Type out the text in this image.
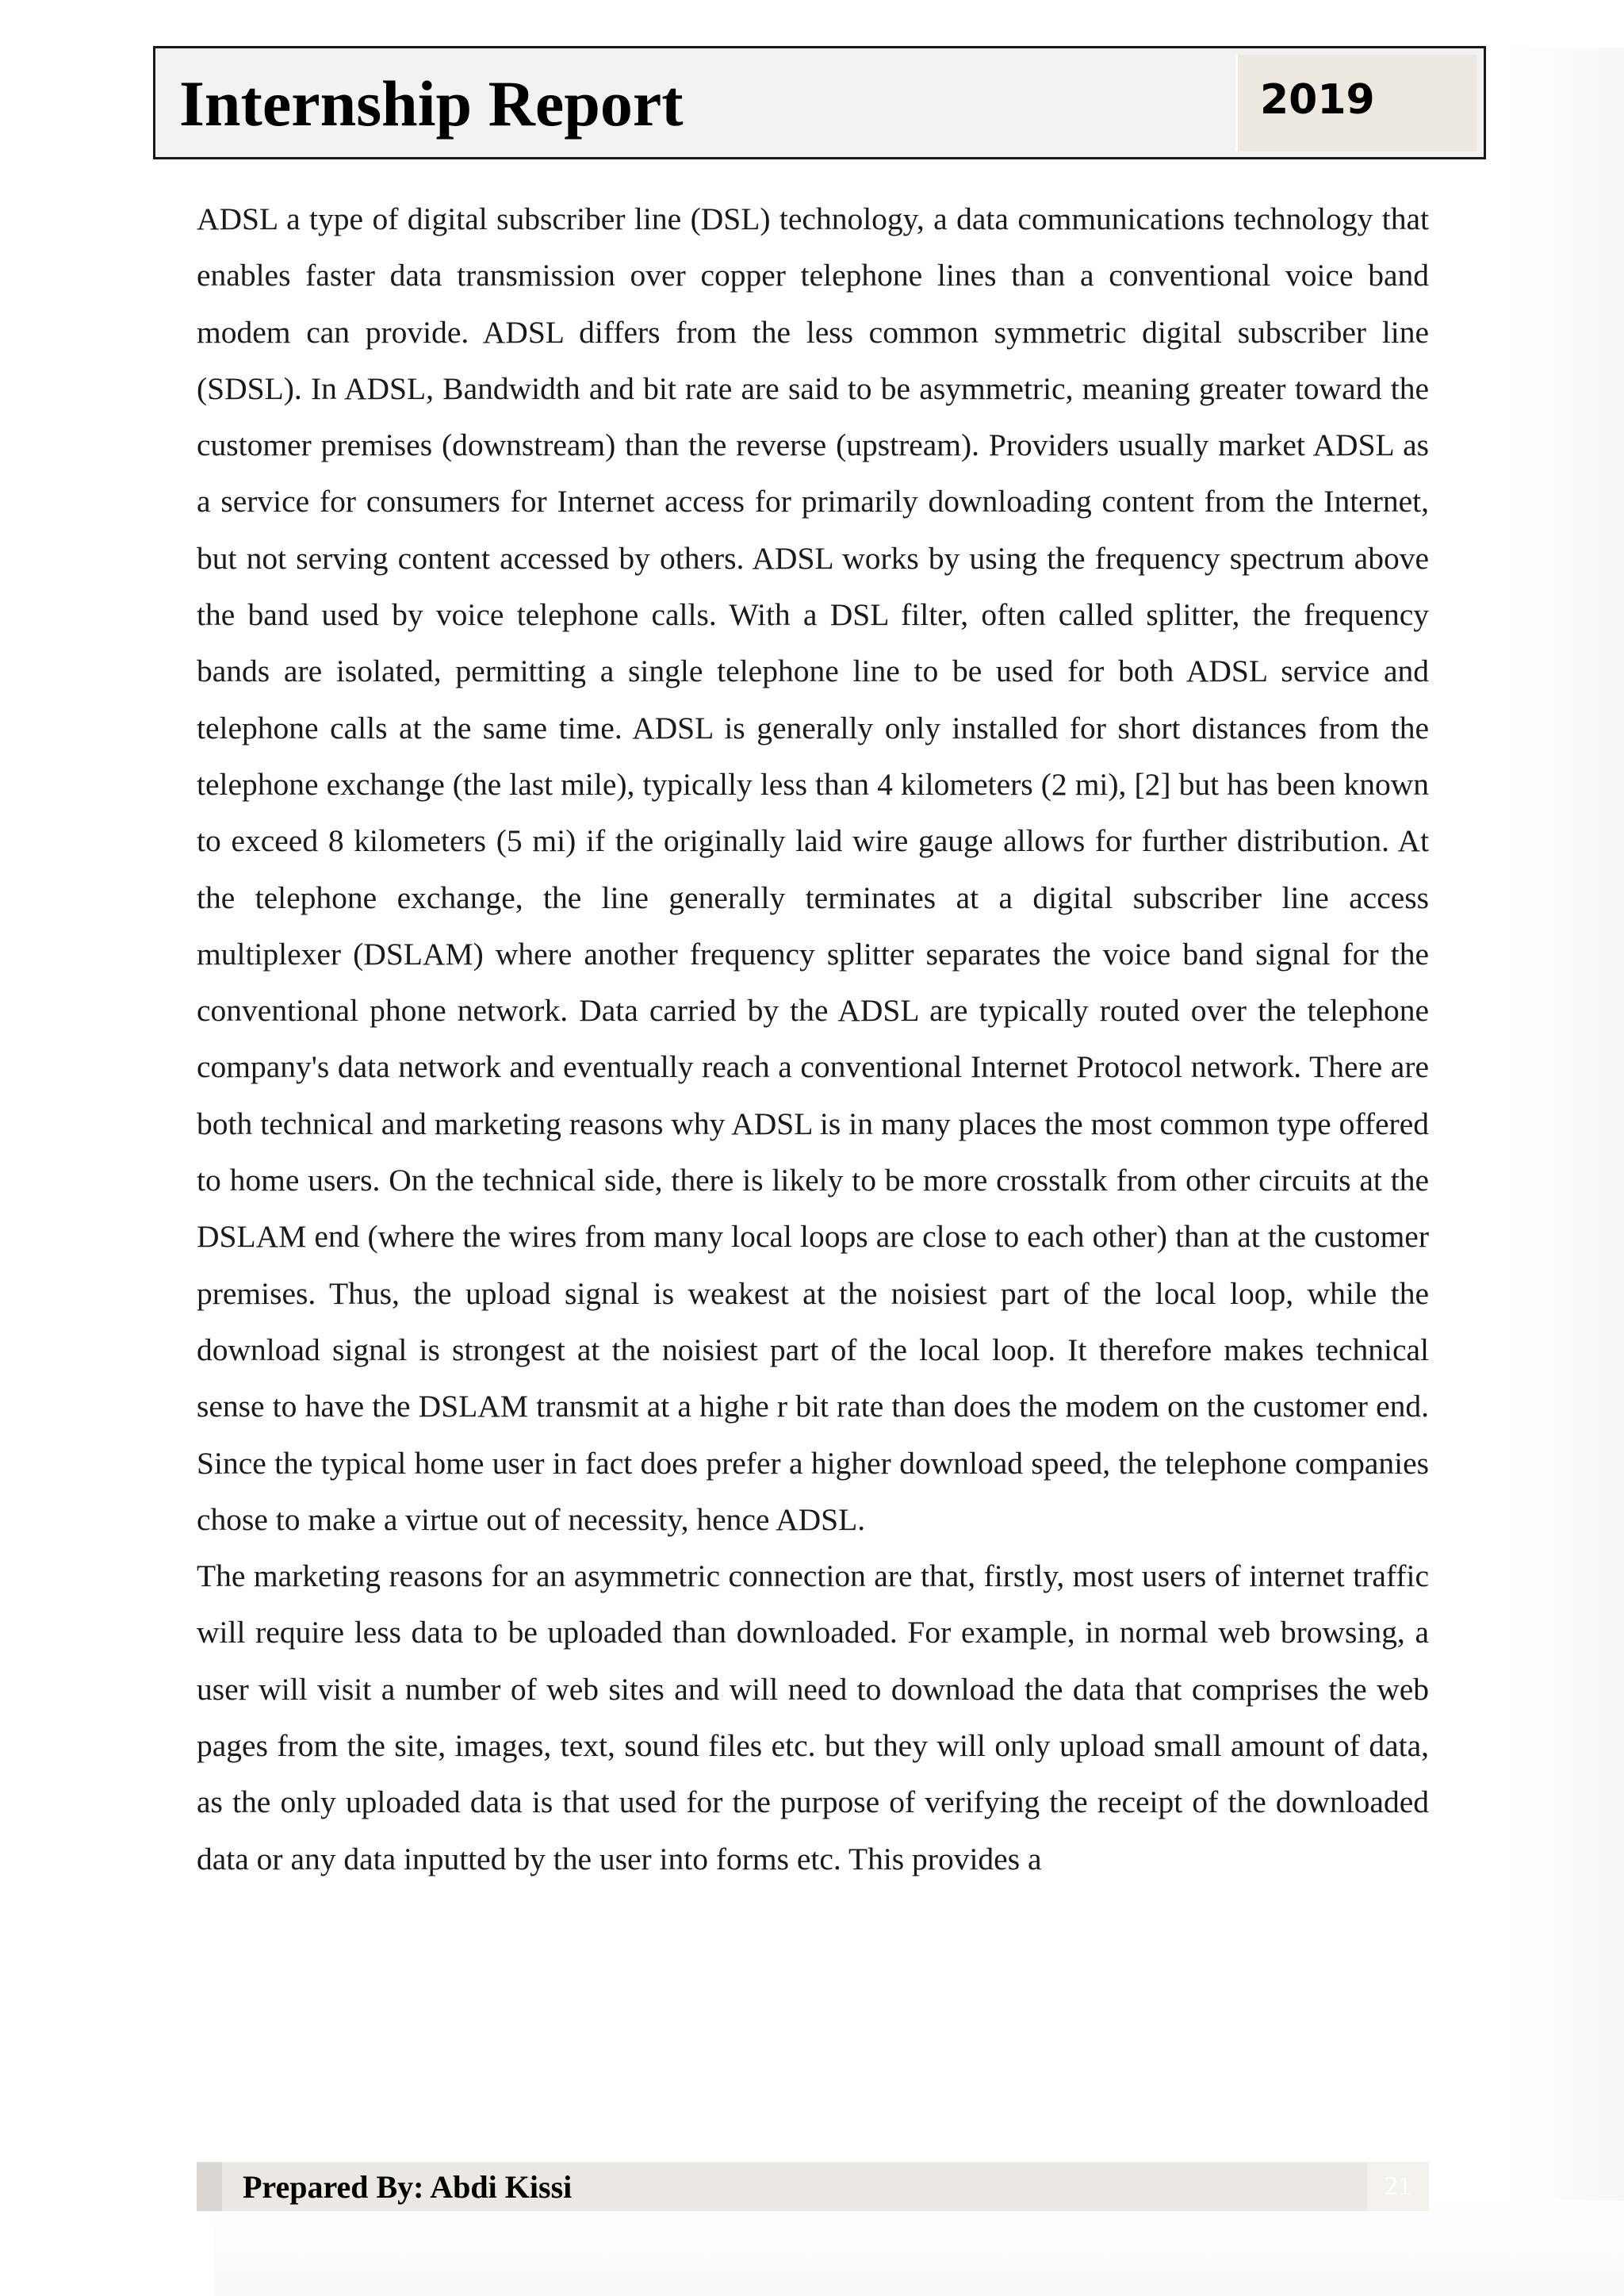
Internship Report	2019

ADSL a type of digital subscriber line (DSL) technology, a data communications technology that enables faster data transmission over copper telephone lines than a conventional voice band modem can provide. ADSL differs from the less common symmetric digital subscriber line (SDSL). In ADSL, Bandwidth and bit rate are said to be asymmetric, meaning greater toward the customer premises (downstream) than the reverse (upstream). Providers usually market ADSL as a service for consumers for Internet access for primarily downloading content from the Internet, but not serving content accessed by others. ADSL works by using the frequency spectrum above the band used by voice telephone calls. With a DSL filter, often called splitter, the frequency bands are isolated, permitting a single telephone line to be used for both ADSL service and telephone calls at the same time. ADSL is generally only installed for short distances from the telephone exchange (the last mile), typically less than 4 kilometers (2 mi), [2] but has been known to exceed 8 kilometers (5 mi) if the originally laid wire gauge allows for further distribution. At the telephone exchange, the line generally terminates at a digital subscriber line access multiplexer (DSLAM) where another frequency splitter separates the voice band signal for the conventional phone network. Data carried by the ADSL are typically routed over the telephone company's data network and eventually reach a conventional Internet Protocol network. There are both technical and marketing reasons why ADSL is in many places the most common type offered to home users. On the technical side, there is likely to be more crosstalk from other circuits at the DSLAM end (where the wires from many local loops are close to each other) than at the customer premises. Thus, the upload signal is weakest at the noisiest part of the local loop, while the download signal is strongest at the noisiest part of the local loop. It therefore makes technical sense to have the DSLAM transmit at a highe r bit rate than does the modem on the customer end. Since the typical home user in fact does prefer a higher download speed, the telephone companies chose to make a virtue out of necessity, hence ADSL.

The marketing reasons for an asymmetric connection are that, firstly, most users of internet traffic will require less data to be uploaded than downloaded. For example, in normal web browsing, a user will visit a number of web sites and will need to download the data that comprises the web pages from the site, images, text, sound files etc. but they will only upload small amount of data, as the only uploaded data is that used for the purpose of verifying the receipt of the downloaded data or any data inputted by the user into forms etc. This provides a

Prepared By: Abdi Kissi	21
